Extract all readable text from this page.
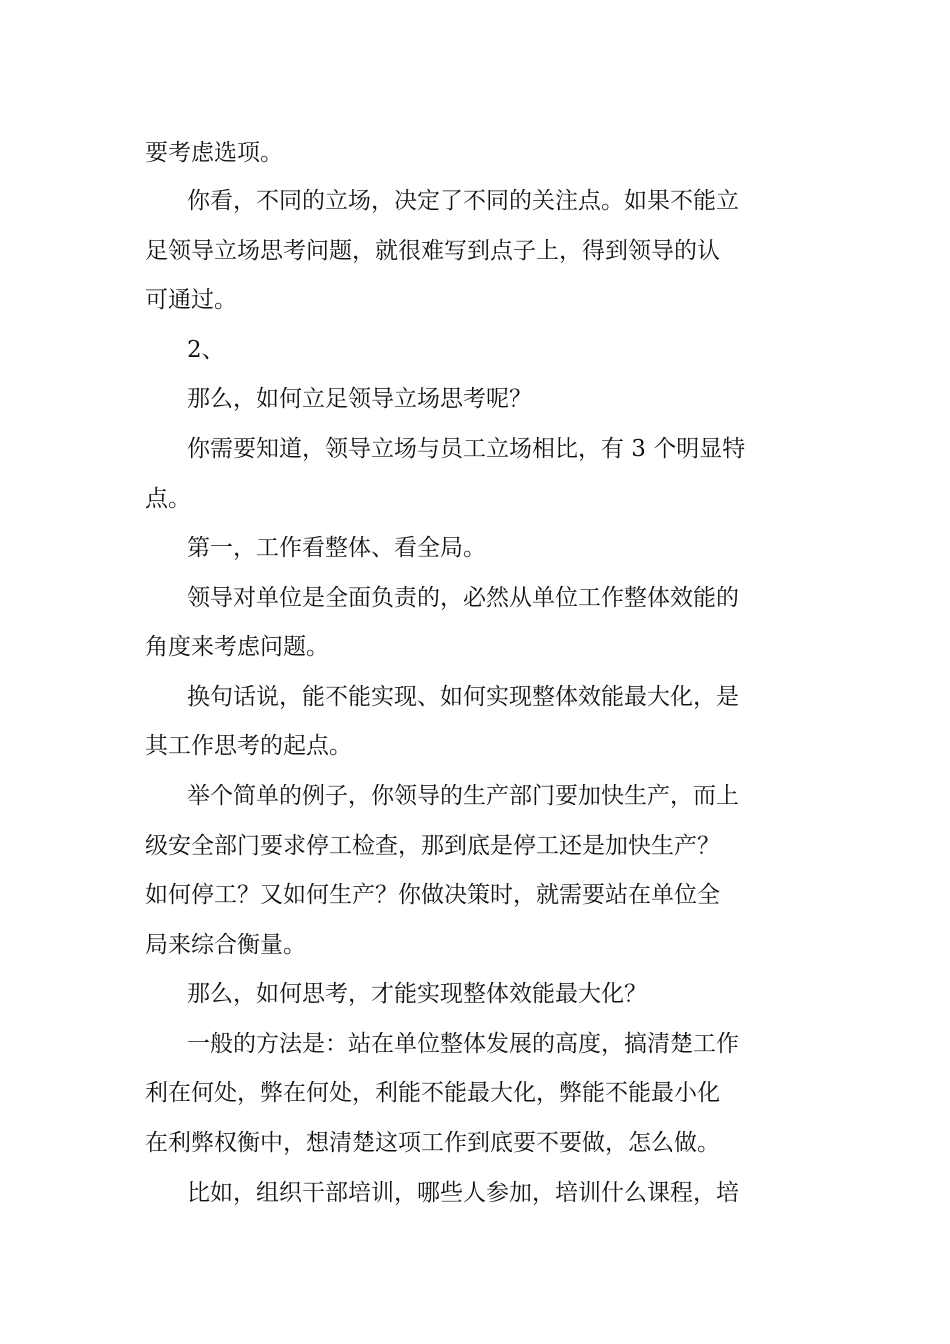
要考虑选项。
你看，不同的立场，决定了不同的关注点。如果不能立
足领导立场思考问题，就很难写到点子上，得到领导的认
可通过。
2、
那么，如何立足领导立场思考呢？
你需要知道，领导立场与员工立场相比，有 3 个明显特
点。
第一，工作看整体、看全局。
领导对单位是全面负责的，必然从单位工作整体效能的
角度来考虑问题。
换句话说，能不能实现、如何实现整体效能最大化，是
其工作思考的起点。
举个简单的例子，你领导的生产部门要加快生产，而上
级安全部门要求停工检查，那到底是停工还是加快生产？
如何停工？又如何生产？你做决策时，就需要站在单位全
局来综合衡量。
那么，如何思考，才能实现整体效能最大化？
一般的方法是：站在单位整体发展的高度，搞清楚工作
利在何处，弊在何处，利能不能最大化，弊能不能最小化
在利弊权衡中，想清楚这项工作到底要不要做，怎么做。
比如，组织干部培训，哪些人参加，培训什么课程，培
